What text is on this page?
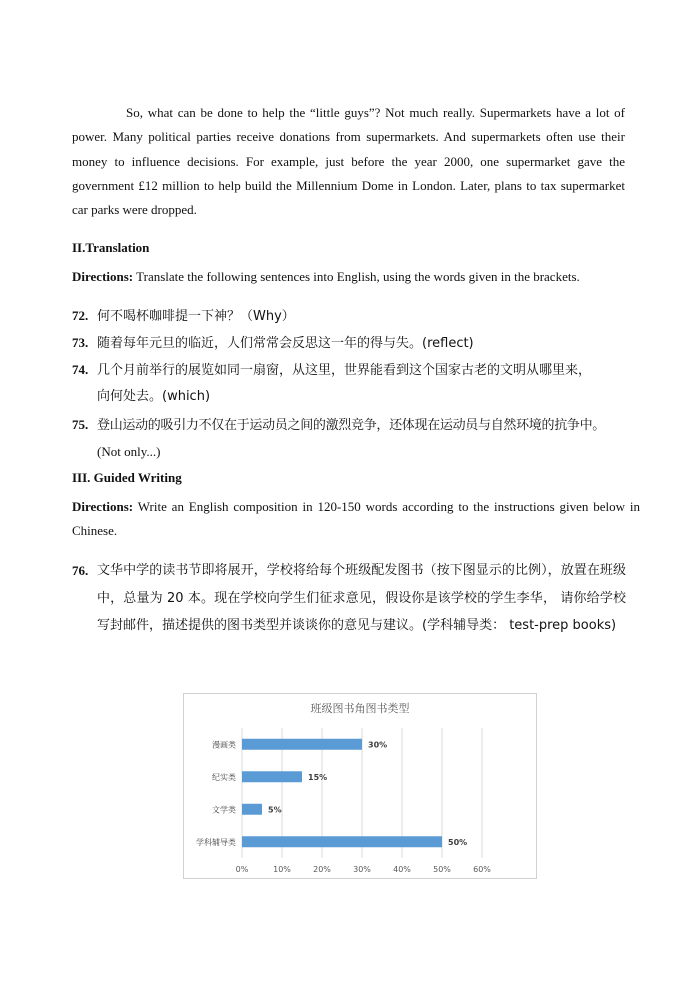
So, what can be done to help the “little guys”? Not much really. Supermarkets have a lot of power. Many political parties receive donations from supermarkets. And supermarkets often use their money to influence decisions. For example, just before the year 2000, one supermarket gave the government £12 million to help build the Millennium Dome in London. Later, plans to tax supermarket car parks were dropped.
II.Translation
Directions: Translate the following sentences into English, using the words given in the brackets.
72. 何不喝杯咖啡提一下神？（Why）
73. 随着每年元旦的临近，人们常常会反思这一年的得与失。(reflect)
74. 几个月前举行的展览如同一扇窗，从这里，世界能看到这个国家古老的文明从哪里来，
向何处去。(which)
75. 登山运动的吸引力不仅在于运动员之间的激烈竞争，还体现在运动员与自然环境的抗争中。
(Not only...)
III. Guided Writing
Directions: Write an English composition in 120-150 words according to the instructions given below in Chinese.
76. 文华中学的读书节即将展开，学校将给每个班级配发图书（按下图显示的比例），放置在班级中，总量为 20 本。现在学校向学生们征求意见，假设你是该学校的学生李华， 请你给学校写封邮件，描述提供的图书类型并谈谈你的意见与建议。(学科辅导类： test-prep books)
班级图书角图书类型
0%	10%	20%	30%	40%	50%	60%
漫画类	30%
纪实类	15%
文学类	5%
学科辅导类	50%
